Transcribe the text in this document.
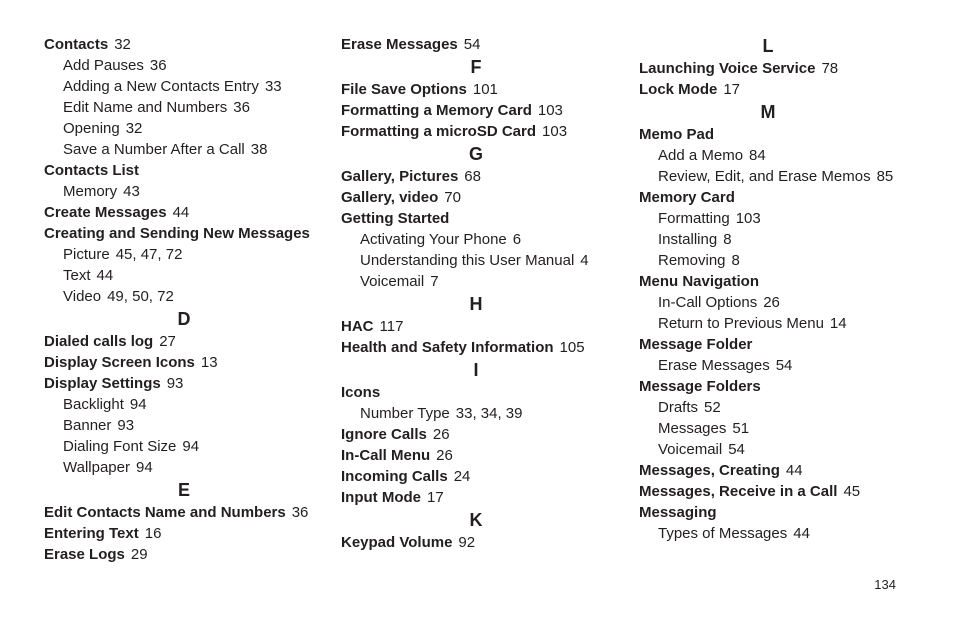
Contacts 32
Add Pauses 36
Adding a New Contacts Entry 33
Edit Name and Numbers 36
Opening 32
Save a Number After a Call 38
Contacts List
Memory 43
Create Messages 44
Creating and Sending New Messages
Picture 45, 47, 72
Text 44
Video 49, 50, 72
D
Dialed calls log 27
Display Screen Icons 13
Display Settings 93
Backlight 94
Banner 93
Dialing Font Size 94
Wallpaper 94
E
Edit Contacts Name and Numbers 36
Entering Text 16
Erase Logs 29
Erase Messages 54
F
File Save Options 101
Formatting a Memory Card 103
Formatting a microSD Card 103
G
Gallery, Pictures 68
Gallery, video 70
Getting Started
Activating Your Phone 6
Understanding this User Manual 4
Voicemail 7
H
HAC 117
Health and Safety Information 105
I
Icons
Number Type 33, 34, 39
Ignore Calls 26
In-Call Menu 26
Incoming Calls 24
Input Mode 17
K
Keypad Volume 92
L
Launching Voice Service 78
Lock Mode 17
M
Memo Pad
Add a Memo 84
Review, Edit, and Erase Memos 85
Memory Card
Formatting 103
Installing 8
Removing 8
Menu Navigation
In-Call Options 26
Return to Previous Menu 14
Message Folder
Erase Messages 54
Message Folders
Drafts 52
Messages 51
Voicemail 54
Messages, Creating 44
Messages, Receive in a Call 45
Messaging
Types of Messages 44
134
